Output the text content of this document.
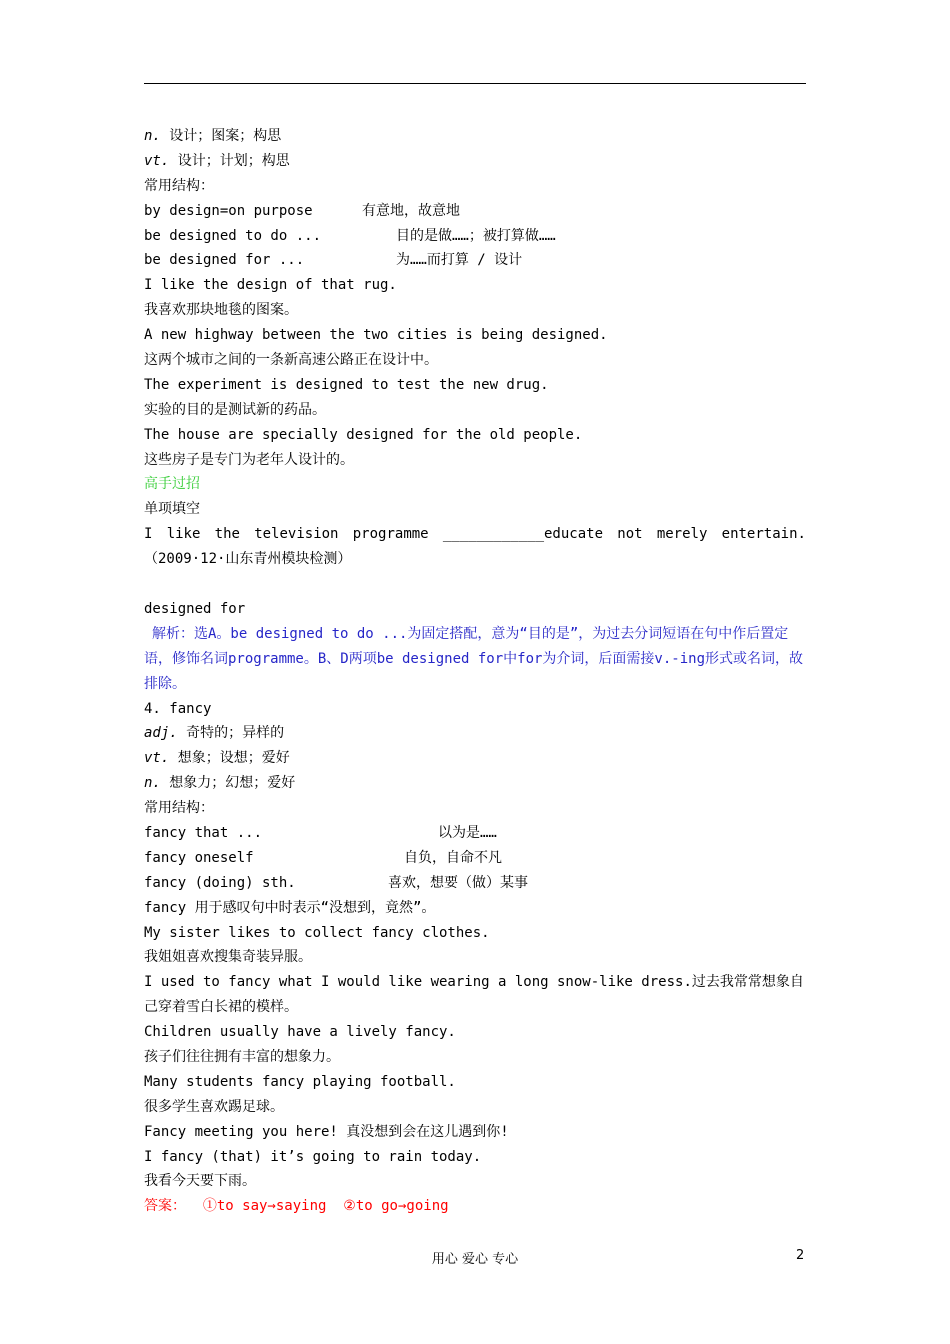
n. 设计；图案；构思
vt. 设计；计划；构思
常用结构：
by design=on purpose	有意地，故意地
be designed to do ...	目的是做……；被打算做……
be designed for ...	为……而打算 / 设计
I like the design of that rug.
我喜欢那块地毯的图案。
A new highway between the two cities is being designed.
这两个城市之间的一条新高速公路正在设计中。
The experiment is designed to test the new drug.
实验的目的是测试新的药品。
The house are specially designed for the old people.
这些房子是专门为老年人设计的。
高手过招
单项填空
I like the television programme ____________educate not merely entertain.
（2009·12·山东青州模块检测）

designed for
解析：选A。be designed to do ...为固定搭配，意为“目的是”，为过去分词短语在句中作后置定语，修饰名词programme。B、D两项be designed for中for为介词，后面需接v.-ing形式或名词，故排除。
4. fancy
adj. 奇特的；异样的
vt. 想象；设想；爱好
n. 想象力；幻想；爱好
常用结构：
fancy that ...	以为是……
fancy oneself	自负，自命不凡
fancy (doing) sth.	喜欢，想要（做）某事
fancy 用于感叹句中时表示“没想到，竟然”。
My sister likes to collect fancy clothes.
我姐姐喜欢搜集奇装异服。
I used to fancy what I would like wearing a long snow-like dress.过去我常常想象自己穿着雪白长裙的模样。
Children usually have a lively fancy.
孩子们往往拥有丰富的想象力。
Many students fancy playing football.
很多学生喜欢踢足球。
Fancy meeting you here! 真没想到会在这儿遇到你!
I fancy (that) it’s going to rain today.
我看今天要下雨。
答案：  ①to say→saying  ②to go→going
用心 爱心 专心	2
